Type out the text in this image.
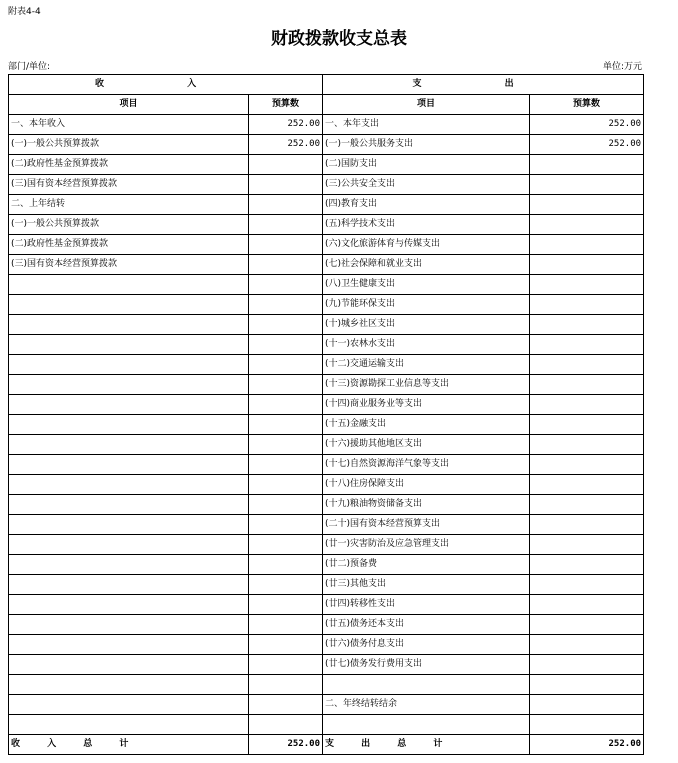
附表4-4
财政拨款收支总表
部门/单位:	单位:万元
收 入		支 出	
项目	预算数	项目	预算数
一、本年收入	252.00	一、本年支出	252.00
(一)一般公共预算拨款	252.00	(一)一般公共服务支出	252.00
(二)政府性基金预算拨款		(二)国防支出	
(三)国有资本经营预算拨款		(三)公共安全支出	
二、上年结转		(四)教育支出	
(一)一般公共预算拨款		(五)科学技术支出	
(二)政府性基金预算拨款		(六)文化旅游体育与传媒支出	
(三)国有资本经营预算拨款		(七)社会保障和就业支出	
		(八)卫生健康支出	
		(九)节能环保支出	
		(十)城乡社区支出	
		(十一)农林水支出	
		(十二)交通运输支出	
		(十三)资源勘探工业信息等支出	
		(十四)商业服务业等支出	
		(十五)金融支出	
		(十六)援助其他地区支出	
		(十七)自然资源海洋气象等支出	
		(十八)住房保障支出	
		(十九)粮油物资储备支出	
		(二十)国有资本经营预算支出	
		(廿一)灾害防治及应急管理支出	
		(廿二)预备费	
		(廿三)其他支出	
		(廿四)转移性支出	
		(廿五)债务还本支出	
		(廿六)债务付息支出	
		(廿七)债务发行费用支出	

		二、年终结转结余	

收 入 总 计	252.00	支 出 总 计	252.00
